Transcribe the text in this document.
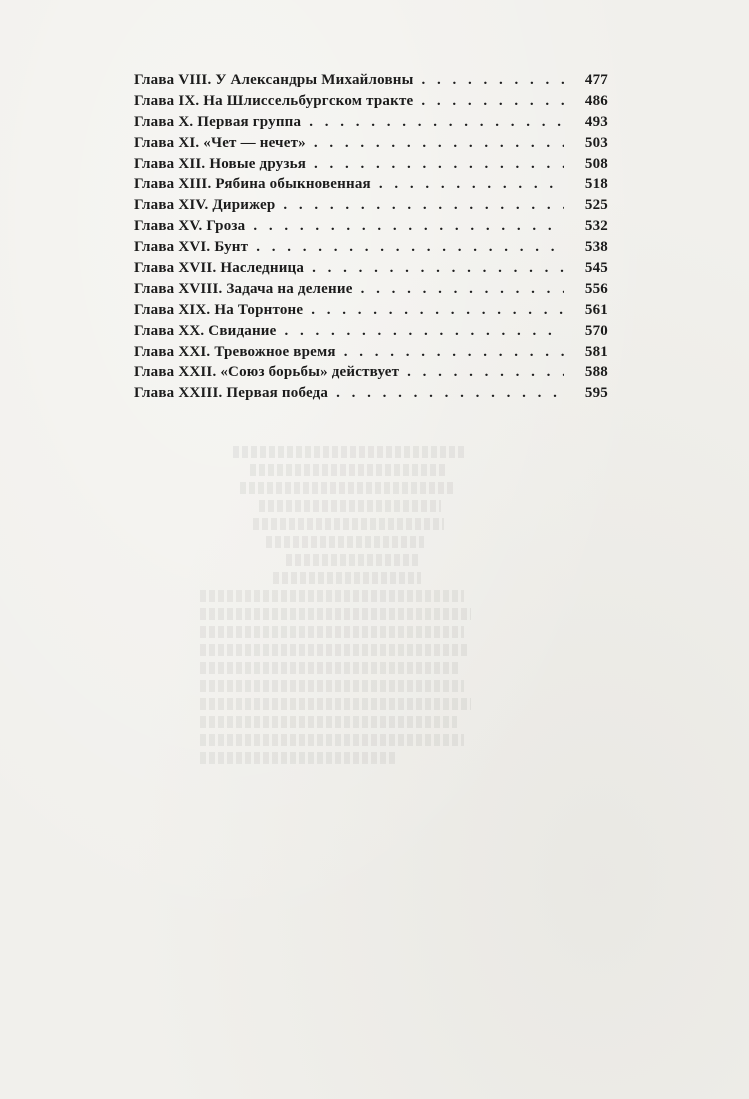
Глава VIII. У Александры Михайловны . . .	477
Глава IX. На Шлиссельбургском тракте . . .	486
Глава X. Первая группа . . .	493
Глава XI. «Чет — нечет» . . .	503
Глава XII. Новые друзья . . .	508
Глава XIII. Рябина обыкновенная . . .	518
Глава XIV. Дирижер . . .	525
Глава XV. Гроза . . .	532
Глава XVI. Бунт . . .	538
Глава XVII. Наследница . . .	545
Глава XVIII. Задача на деление . . .	556
Глава XIX. На Торнтоне . . .	561
Глава XX. Свидание . . .	570
Глава XXI. Тревожное время . . .	581
Глава XXII. «Союз борьбы» действует . . .	588
Глава XXIII. Первая победа . . .	595
